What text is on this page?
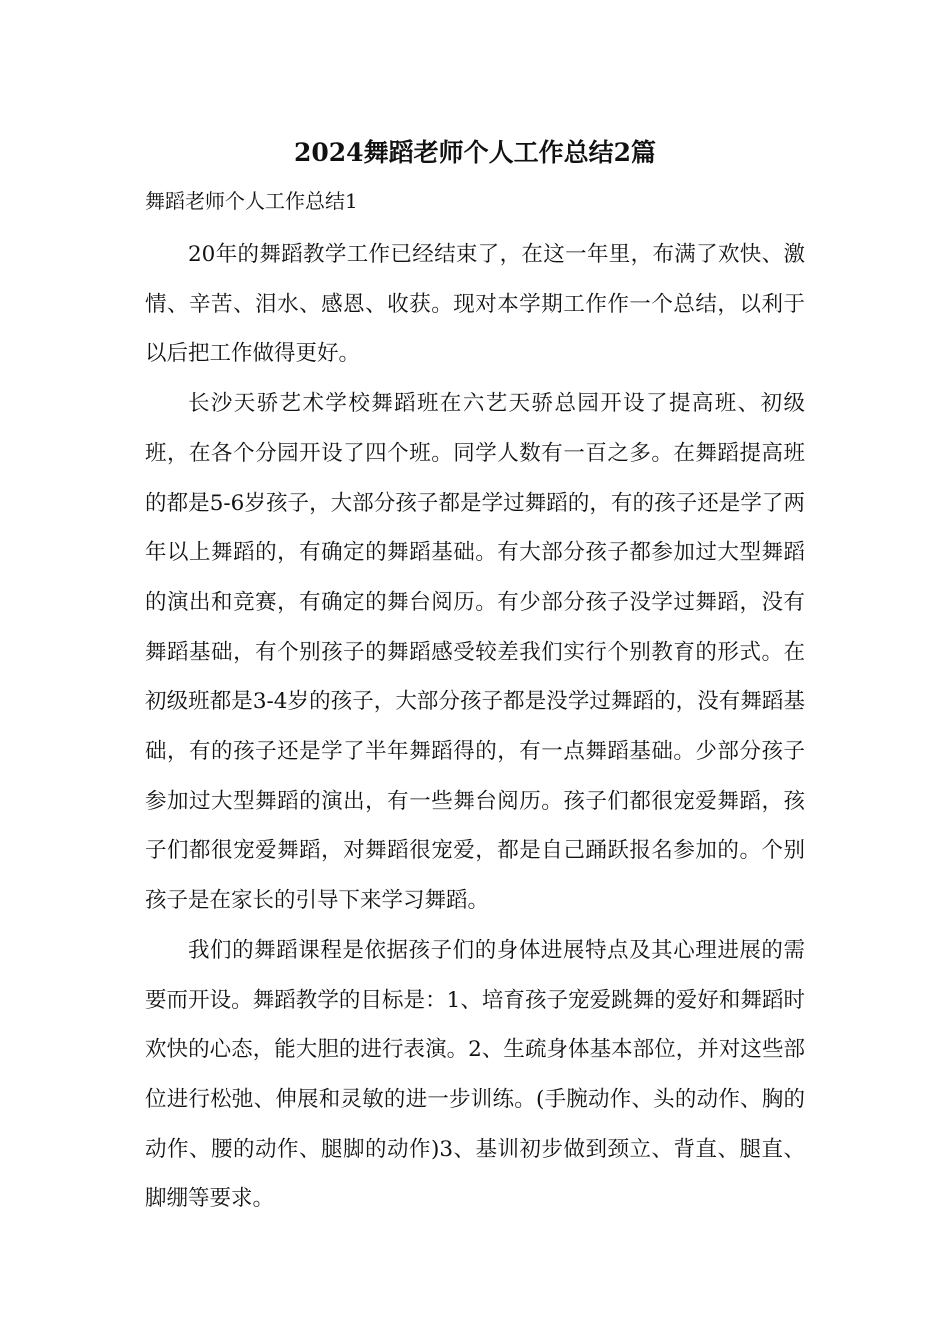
2024舞蹈老师个人工作总结2篇

舞蹈老师个人工作总结1

20年的舞蹈教学工作已经结束了，在这一年里，布满了欢快、激情、辛苦、泪水、感恩、收获。现对本学期工作作一个总结，以利于以后把工作做得更好。

长沙天骄艺术学校舞蹈班在六艺天骄总园开设了提高班、初级班，在各个分园开设了四个班。同学人数有一百之多。在舞蹈提高班的都是5-6岁孩子，大部分孩子都是学过舞蹈的，有的孩子还是学了两年以上舞蹈的，有确定的舞蹈基础。有大部分孩子都参加过大型舞蹈的演出和竞赛，有确定的舞台阅历。有少部分孩子没学过舞蹈，没有舞蹈基础，有个别孩子的舞蹈感受较差我们实行个别教育的形式。在初级班都是3-4岁的孩子，大部分孩子都是没学过舞蹈的，没有舞蹈基础，有的孩子还是学了半年舞蹈得的，有一点舞蹈基础。少部分孩子参加过大型舞蹈的演出，有一些舞台阅历。孩子们都很宠爱舞蹈，孩子们都很宠爱舞蹈，对舞蹈很宠爱，都是自己踊跃报名参加的。个别孩子是在家长的引导下来学习舞蹈。

我们的舞蹈课程是依据孩子们的身体进展特点及其心理进展的需要而开设。舞蹈教学的目标是：1、培育孩子宠爱跳舞的爱好和舞蹈时欢快的心态，能大胆的进行表演。2、生疏身体基本部位，并对这些部位进行松弛、伸展和灵敏的进一步训练。(手腕动作、头的动作、胸的动作、腰的动作、腿脚的动作)3、基训初步做到颈立、背直、腿直、脚绷等要求。
